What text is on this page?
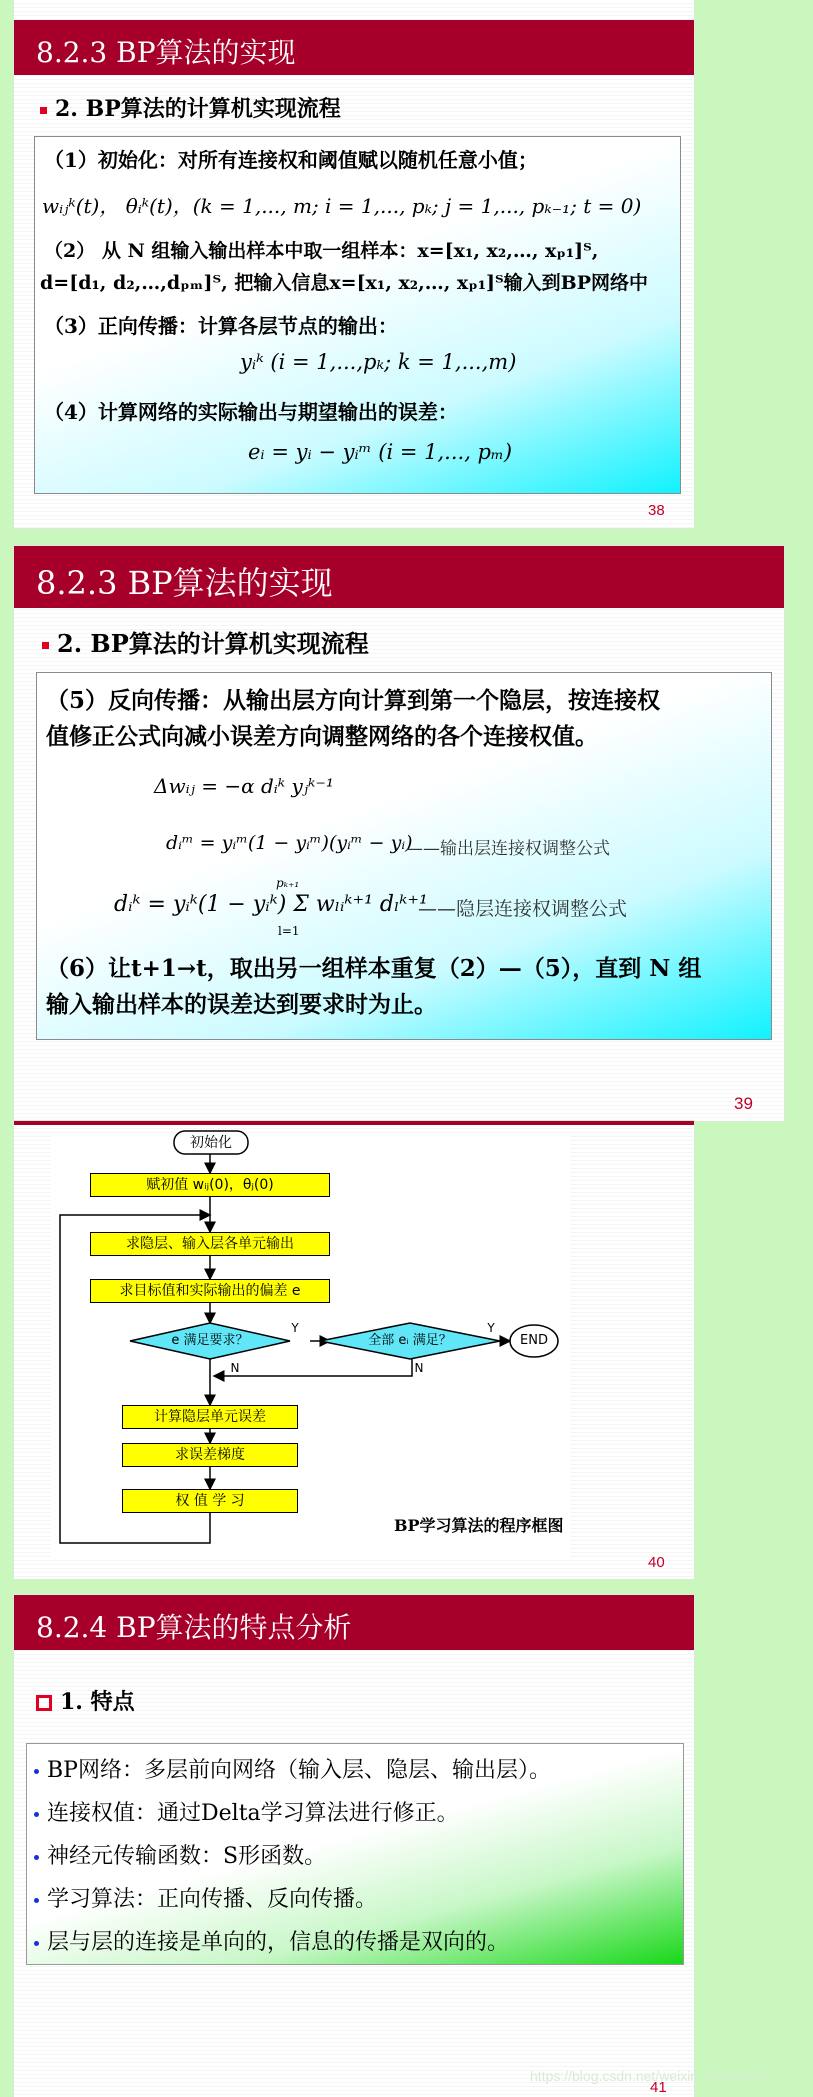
8.2.3 BP算法的实现
2. BP算法的计算机实现流程
（1）初始化：对所有连接权和阈值赋以随机任意小值；
wᵢⱼᵏ(t)， θᵢᵏ(t)，(k = 1,..., m; i = 1,..., pₖ; j = 1,..., pₖ₋₁; t = 0)
（2） 从 N 组输入输出样本中取一组样本：x=[x₁, x₂,…, xₚ₁]ᵀ,
d=[d₁, d₂,…,dₚₘ]ᵀ, 把输入信息x=[x₁, x₂,…, xₚ₁]ᵀ输入到BP网络中
（3）正向传播：计算各层节点的输出：
yᵢᵏ (i = 1,...,pₖ; k = 1,...,m)
（4）计算网络的实际输出与期望输出的误差：
eᵢ = yᵢ − yᵢᵐ (i = 1,..., pₘ)
38
8.2.3 BP算法的实现
2. BP算法的计算机实现流程
（5）反向传播：从输出层方向计算到第一个隐层，按连接权
值修正公式向减小误差方向调整网络的各个连接权值。
Δwᵢⱼ = −α dᵢᵏ yⱼᵏ⁻¹
dᵢᵐ = yᵢᵐ(1 − yᵢᵐ)(yᵢᵐ − yᵢ)
——输出层连接权调整公式
dᵢᵏ = yᵢᵏ(1 − yᵢᵏ) Σ wₗᵢᵏ⁺¹ dₗᵏ⁺¹
pₖ₊₁
l=1
——隐层连接权调整公式
（6）让t+1→t，取出另一组样本重复（2）—（5），直到 N 组
输入输出样本的误差达到要求时为止。
39
初始化
赋初值 wᵢⱼ(0)，θⱼ(0)
求隐层、输入层各单元输出
求目标值和实际输出的偏差 e
e 满足要求？	全部 eᵢ 满足？
Y	Y
N	N
END
计算隐层单元误差
求误差梯度
权 值 学 习
BP学习算法的程序框图
40
8.2.4 BP算法的特点分析
1. 特点
BP网络：多层前向网络（输入层、隐层、输出层）。
连接权值：通过Delta学习算法进行修正。
神经元传输函数：S形函数。
学习算法：正向传播、反向传播。
层与层的连接是单向的，信息的传播是双向的。
41
https://blog.csdn.net/weixin_43959833
